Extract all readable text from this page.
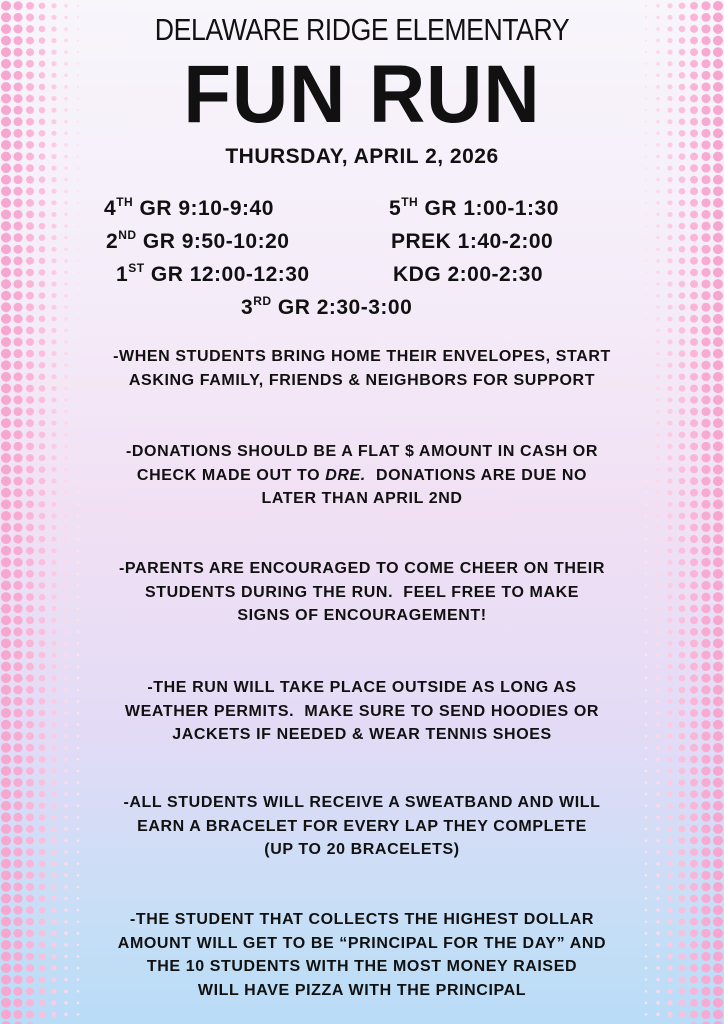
DELAWARE RIDGE ELEMENTARY
FUN RUN
THURSDAY, APRIL 2, 2026
4TH GR 9:10-9:40	5TH GR 1:00-1:30
2ND GR 9:50-10:20	PREK 1:40-2:00
1ST GR 12:00-12:30	KDG 2:00-2:30
3RD GR 2:30-3:00
-WHEN STUDENTS BRING HOME THEIR ENVELOPES, START
ASKING FAMILY, FRIENDS & NEIGHBORS FOR SUPPORT
-DONATIONS SHOULD BE A FLAT $ AMOUNT IN CASH OR
CHECK MADE OUT TO DRE.  DONATIONS ARE DUE NO
LATER THAN APRIL 2ND
-PARENTS ARE ENCOURAGED TO COME CHEER ON THEIR
STUDENTS DURING THE RUN.  FEEL FREE TO MAKE
SIGNS OF ENCOURAGEMENT!
-THE RUN WILL TAKE PLACE OUTSIDE AS LONG AS
WEATHER PERMITS.  MAKE SURE TO SEND HOODIES OR
JACKETS IF NEEDED & WEAR TENNIS SHOES
-ALL STUDENTS WILL RECEIVE A SWEATBAND AND WILL
EARN A BRACELET FOR EVERY LAP THEY COMPLETE
(UP TO 20 BRACELETS)
-THE STUDENT THAT COLLECTS THE HIGHEST DOLLAR
AMOUNT WILL GET TO BE “PRINCIPAL FOR THE DAY” AND
THE 10 STUDENTS WITH THE MOST MONEY RAISED
WILL HAVE PIZZA WITH THE PRINCIPAL
